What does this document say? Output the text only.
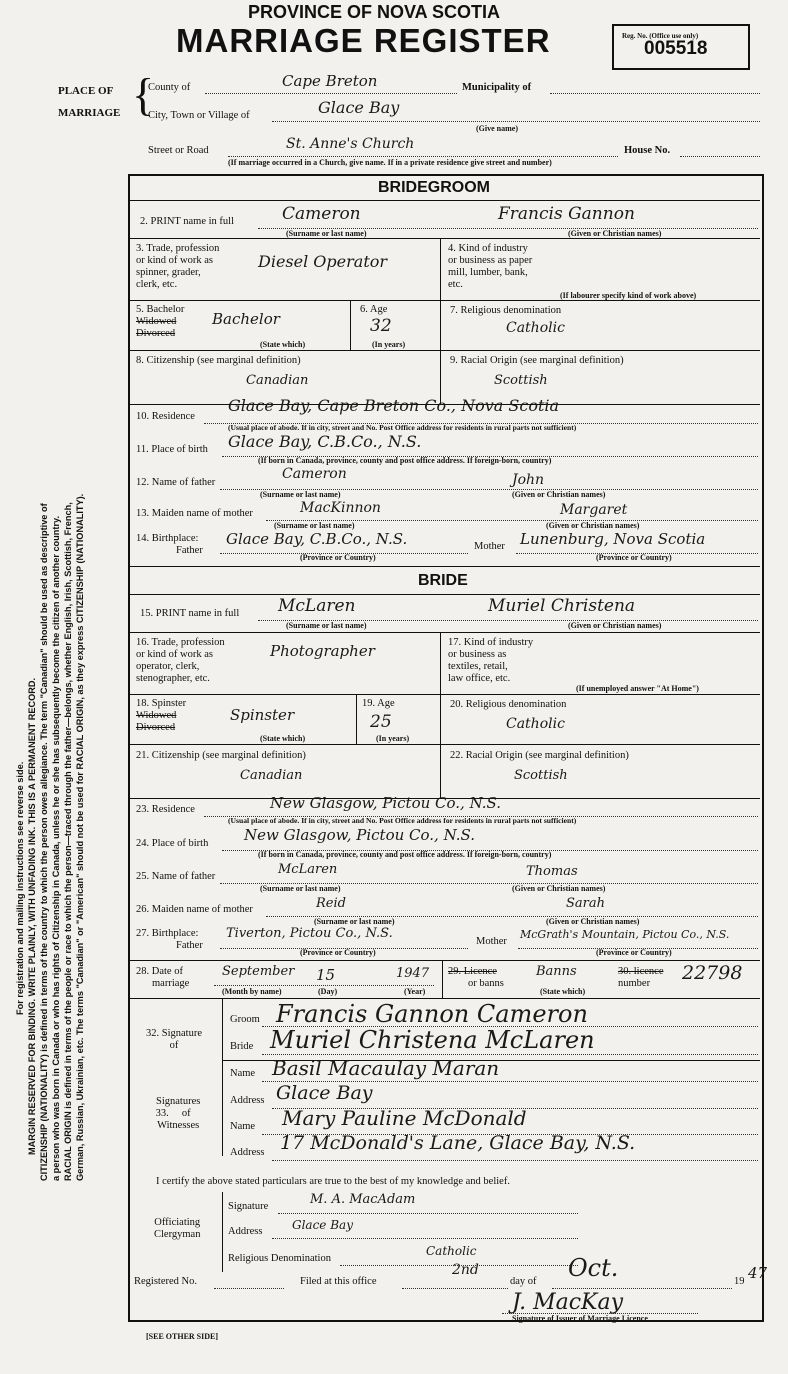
PROVINCE OF NOVA SCOTIA
MARRIAGE REGISTER	Reg. No. (Office use only)
005518
PLACE OF
MARRIAGE {
County of	Cape Breton	Municipality of
City, Town or Village of	Glace Bay
(Give name)
Street or Road	St. Anne's Church	House No.
(If marriage occurred in a Church, give name. If in a private residence give street and number)
BRIDEGROOM
2. PRINT name in full	Cameron	Francis Gannon
(Surname or last name)	(Given or Christian names)
3. Trade, profession
or kind of work as
spinner, grader,
clerk, etc.
Diesel Operator
4. Kind of industry
or business as paper
mill, lumber, bank,
etc.
(If labourer specify kind of work above)
5. Bachelor
Widowed
Divorced
Bachelor
(State which)
6. Age
32
(In years)
7. Religious denomination
Catholic
8. Citizenship (see marginal definition)
Canadian
9. Racial Origin (see marginal definition)
Scottish
10. Residence
Glace Bay, Cape Breton Co., Nova Scotia
(Usual place of abode. If in city, street and No. Post Office address for residents in rural parts not sufficient)
11. Place of birth Glace Bay, C.B.Co., N.S.
(If born in Canada, province, county and post office address. If foreign-born, country)
12. Name of father
Cameron	John
(Surname or last name)	(Given or Christian names)
13. Maiden name of mother	MacKinnon	Margaret
(Surname or last name)	(Given or Christian names)
14. Birthplace:
Father
Glace Bay, C.B.Co., N.S.	Mother Lunenburg, Nova Scotia
(Province or Country)	(Province or Country)
BRIDE
15. PRINT name in full McLaren	Muriel Christena
(Surname or last name)	(Given or Christian names)
16. Trade, profession
or kind of work as
operator, clerk,
stenographer, etc.
Photographer	17. Kind of industry
or business as
textiles, retail,
law office, etc.
(If unemployed answer "At Home")
18. Spinster
Widowed
Divorced
Spinster
(State which)
19. Age
25
(In years)
20. Religious denomination
Catholic
21. Citizenship (see marginal definition)
Canadian
22. Racial Origin (see marginal definition)
Scottish
23. Residence	New Glasgow, Pictou Co., N.S.
(Usual place of abode. If in city, street and No. Post Office address for residents in rural parts not sufficient)
24. Place of birth New Glasgow, Pictou Co., N.S.
(If born in Canada, province, county and post office address. If foreign-born, country)
25. Name of father	McLaren	Thomas
(Surname or last name)	(Given or Christian names)
26. Maiden name of mother	Reid	Sarah
(Surname or last name)	(Given or Christian names)
27. Birthplace:
Father
Tiverton, Pictou Co., N.S.
Mother
McGrath's Mountain, Pictou Co., N.S.
(Province or Country)	(Province or Country)
28. Date of
marriage
September 15	1947
(Month by name)	(Day)	(Year)
29. Licence
or banns
Banns
(State which)
30. licence
number	22798
32. Signature
of
Groom Francis Gannon Cameron
Bride Muriel Christena McLaren
Signatures
33. of
Witnesses
Name Basil Macaulay Maran
Address Glace Bay
Name Mary Pauline McDonald
Address 17 McDonald's Lane, Glace Bay, N.S.
I certify the above stated particulars are true to the best of my knowledge and belief.
Officiating
Clergyman
Signature	M. A. MacAdam
Address Glace Bay
Religious Denomination
Catholic
Registered No.	Filed at this office
2nd
day of Oct.	19 47
J. MacKay
Signature of Issuer of Marriage Licence
[SEE OTHER SIDE]
For registration and mailing instructions see reverse side. MARGIN RESERVED FOR BINDING. WRITE PLAINLY, WITH UNFADING INK. THIS IS A PERMANENT RECORD. CITIZENSHIP (NATIONALITY) is defined in terms of the country to which the person owes allegiance. The term "Canadian" should be used as descriptive of a person who was born in Canada or who has rights of Citizenship in Canada, unless he or she has subsequently become the citizen of another country. RACIAL ORIGIN is defined in terms of the people or race to which the person—traced through the father—belongs, whether English, Irish, Scottish, French, German, Russian, Ukrainian, etc. The terms "Canadian" or "American" should not be used for RACIAL ORIGIN, as they express CITIZENSHIP (NATIONALITY).
